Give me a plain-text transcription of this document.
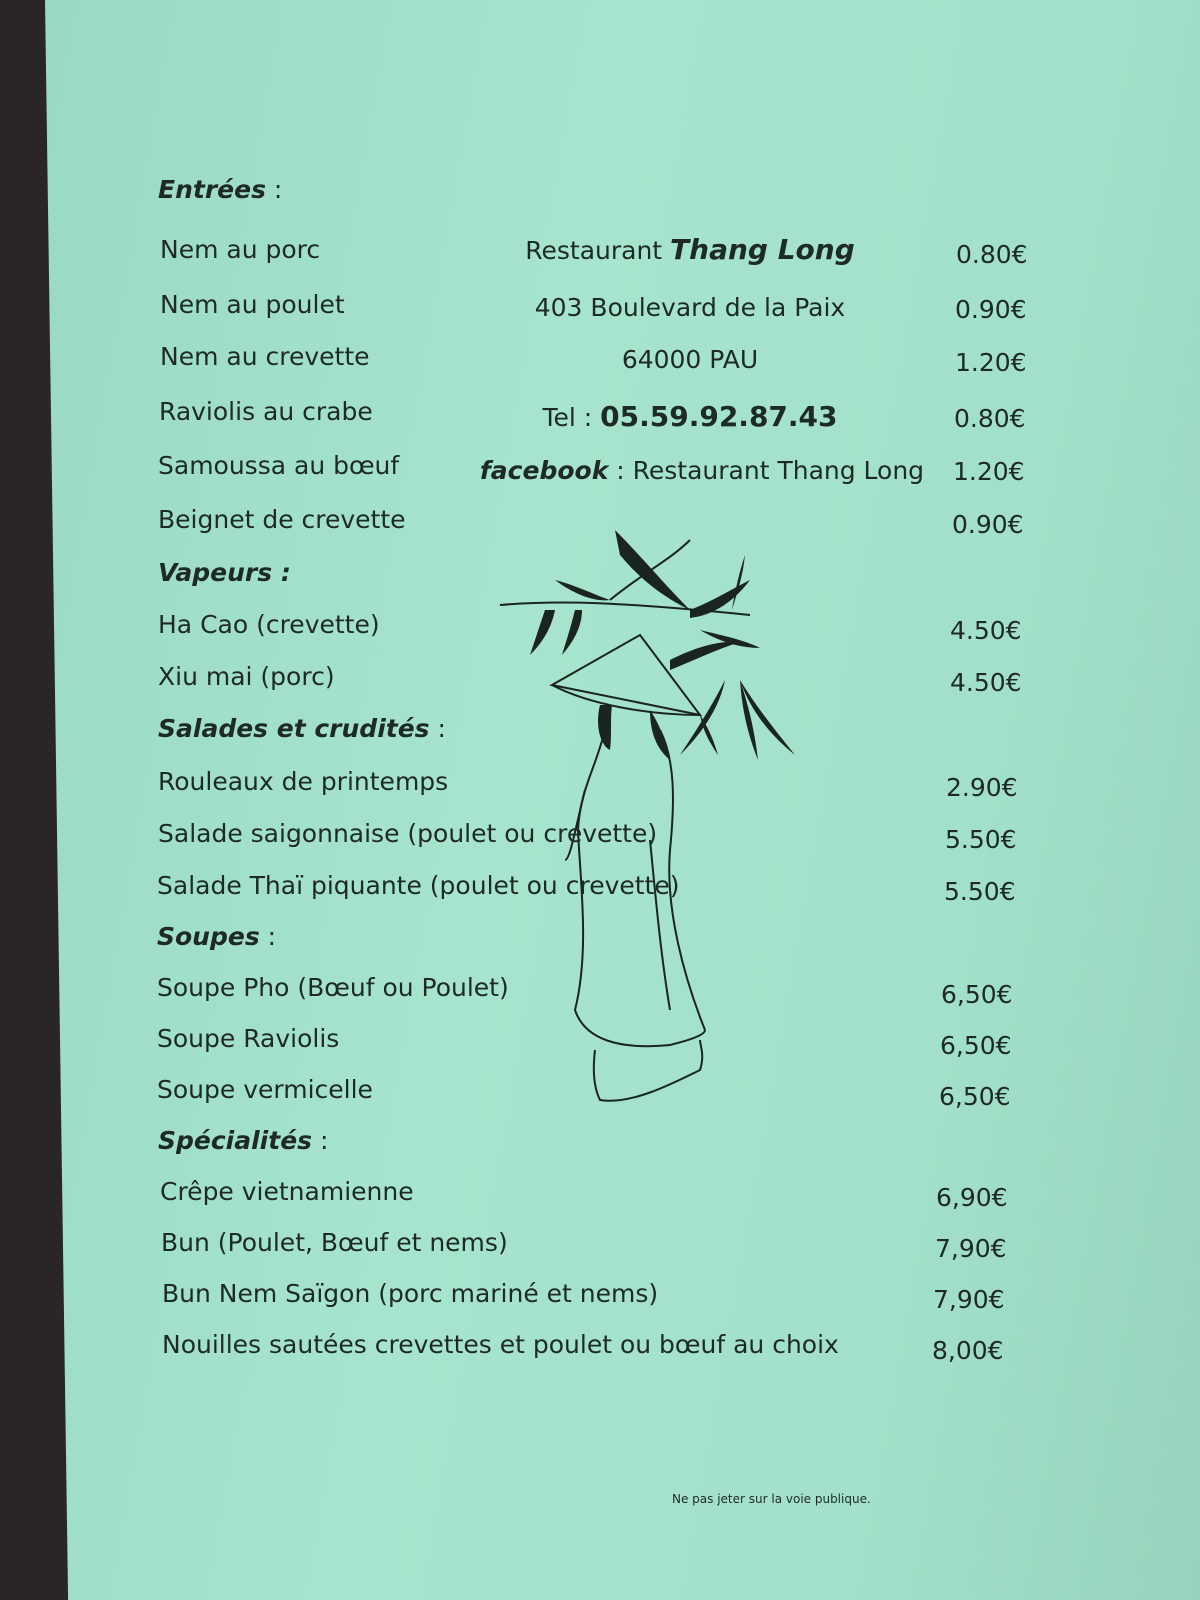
Entrées :
Nem au porc	0.80€
Nem au poulet	0.90€
Nem au crevette	1.20€
Raviolis au crabe	0.80€
Samoussa au bœuf	1.20€
Beignet de crevette	0.90€
Restaurant Thang Long
403 Boulevard de la Paix
64000 PAU
Tel : 05.59.92.87.43
facebook : Restaurant Thang Long
Vapeurs :
Ha Cao (crevette)	4.50€
Xiu mai (porc)	4.50€
Salades et crudités :
Rouleaux de printemps	2.90€
Salade saigonnaise (poulet ou crevette)	5.50€
Salade Thaï piquante (poulet ou crevette)	5.50€
Soupes :
Soupe Pho (Bœuf ou Poulet)	6,50€
Soupe Raviolis	6,50€
Soupe vermicelle	6,50€
Spécialités :
Crêpe vietnamienne	6,90€
Bun (Poulet, Bœuf et nems)	7,90€
Bun Nem Saïgon (porc mariné et nems)	7,90€
Nouilles sautées crevettes et poulet ou bœuf au choix	8,00€
Ne pas jeter sur la voie publique.
